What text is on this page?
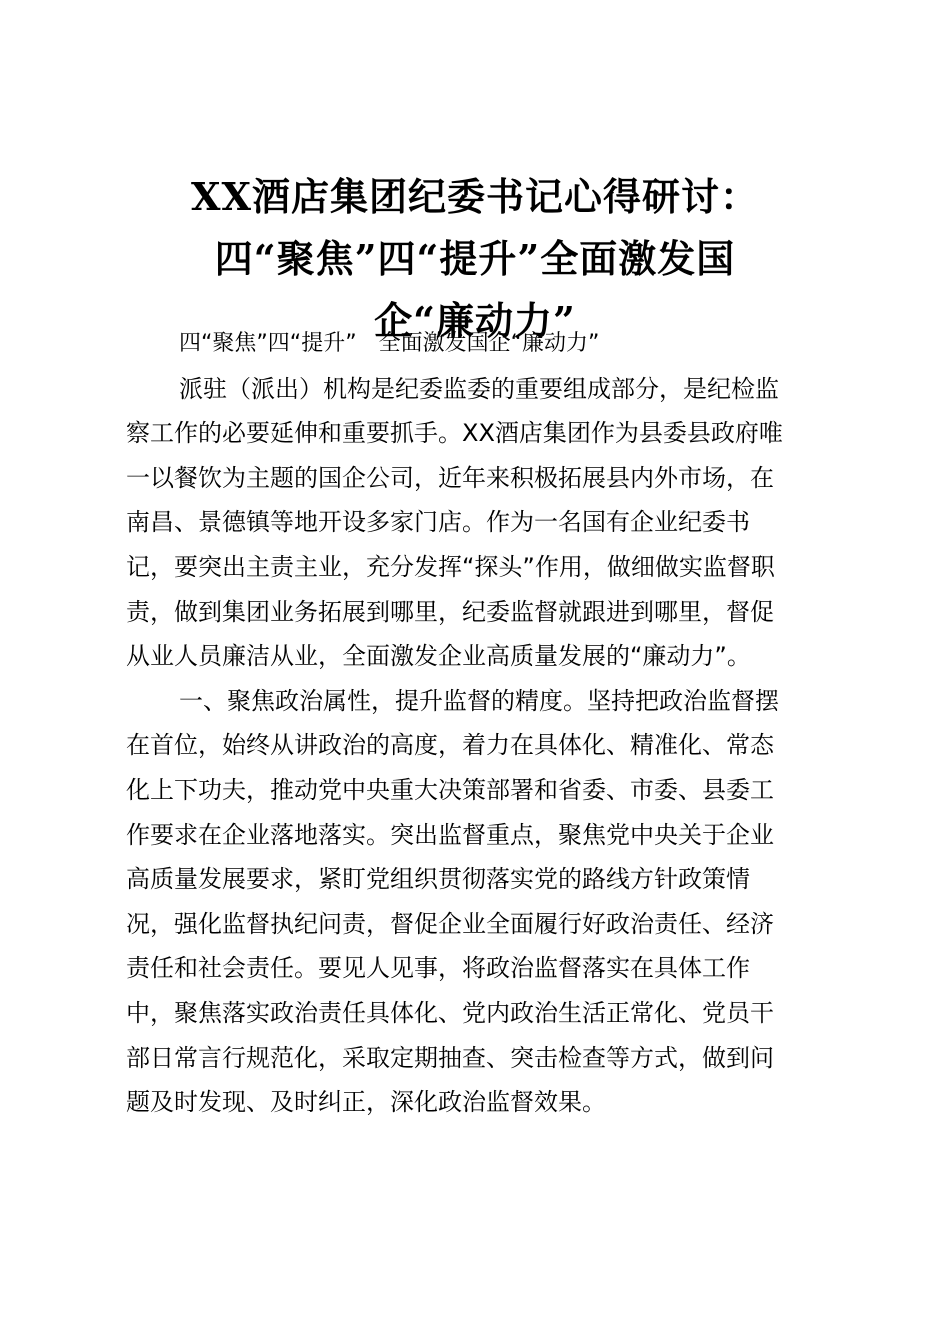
XX酒店集团纪委书记心得研讨：
四“聚焦”四“提升”全面激发国
企“廉动力”
四“聚焦”四“提升”　全面激发国企“廉动力”
派驻（派出）机构是纪委监委的重要组成部分，是纪检监
察工作的必要延伸和重要抓手。XX酒店集团作为县委县政府唯
一以餐饮为主题的国企公司，近年来积极拓展县内外市场，在
南昌、景德镇等地开设多家门店。作为一名国有企业纪委书
记，要突出主责主业，充分发挥“探头”作用，做细做实监督职
责，做到集团业务拓展到哪里，纪委监督就跟进到哪里，督促
从业人员廉洁从业，全面激发企业高质量发展的“廉动力”。
一、聚焦政治属性，提升监督的精度。坚持把政治监督摆
在首位，始终从讲政治的高度，着力在具体化、精准化、常态
化上下功夫，推动党中央重大决策部署和省委、市委、县委工
作要求在企业落地落实。突出监督重点，聚焦党中央关于企业
高质量发展要求，紧盯党组织贯彻落实党的路线方针政策情
况，强化监督执纪问责，督促企业全面履行好政治责任、经济
责任和社会责任。要见人见事，将政治监督落实在具体工作
中，聚焦落实政治责任具体化、党内政治生活正常化、党员干
部日常言行规范化，采取定期抽查、突击检查等方式，做到问
题及时发现、及时纠正，深化政治监督效果。
